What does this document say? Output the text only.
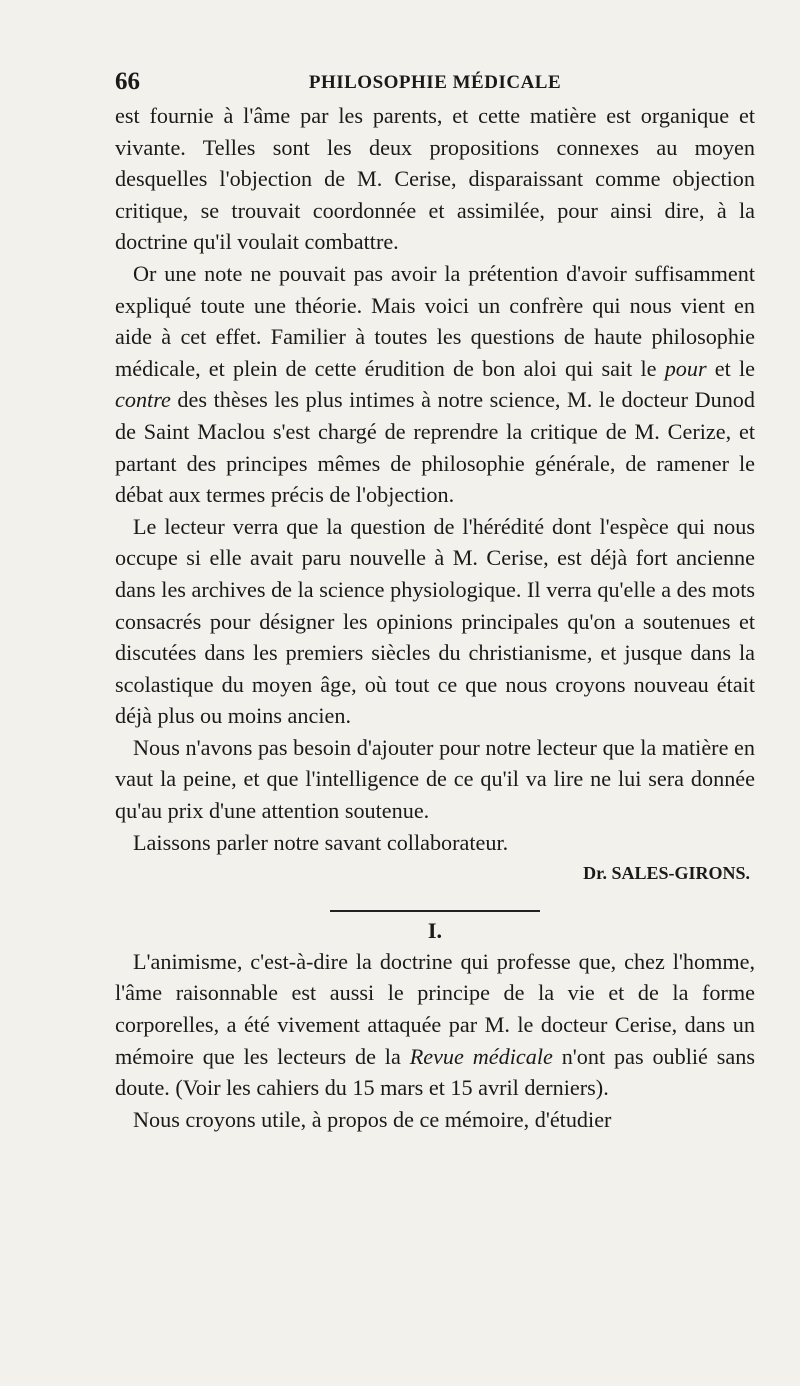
66	PHILOSOPHIE MÉDICALE

est fournie à l'âme par les parents, et cette matière est organique et vivante. Telles sont les deux propositions connexes au moyen desquelles l'objection de M. Cerise, disparaissant comme objection critique, se trouvait coordonnée et assimilée, pour ainsi dire, à la doctrine qu'il voulait combattre.

Or une note ne pouvait pas avoir la prétention d'avoir suffisamment expliqué toute une théorie. Mais voici un confrère qui nous vient en aide à cet effet. Familier à toutes les questions de haute philosophie médicale, et plein de cette érudition de bon aloi qui sait le pour et le contre des thèses les plus intimes à notre science, M. le docteur Dunod de Saint Maclou s'est chargé de reprendre la critique de M. Cerize, et partant des principes mêmes de philosophie générale, de ramener le débat aux termes précis de l'objection.

Le lecteur verra que la question de l'hérédité dont l'espèce qui nous occupe si elle avait paru nouvelle à M. Cerise, est déjà fort ancienne dans les archives de la science physiologique. Il verra qu'elle a des mots consacrés pour désigner les opinions principales qu'on a soutenues et discutées dans les premiers siècles du christianisme, et jusque dans la scolastique du moyen âge, où tout ce que nous croyons nouveau était déjà plus ou moins ancien.

Nous n'avons pas besoin d'ajouter pour notre lecteur que la matière en vaut la peine, et que l'intelligence de ce qu'il va lire ne lui sera donnée qu'au prix d'une attention soutenue.

Laissons parler notre savant collaborateur.

Dr. SALES-GIRONS.
I.

L'animisme, c'est-à-dire la doctrine qui professe que, chez l'homme, l'âme raisonnable est aussi le principe de la vie et de la forme corporelles, a été vivement attaquée par M. le docteur Cerise, dans un mémoire que les lecteurs de la Revue médicale n'ont pas oublié sans doute. (Voir les cahiers du 15 mars et 15 avril derniers).

Nous croyons utile, à propos de ce mémoire, d'étudier
